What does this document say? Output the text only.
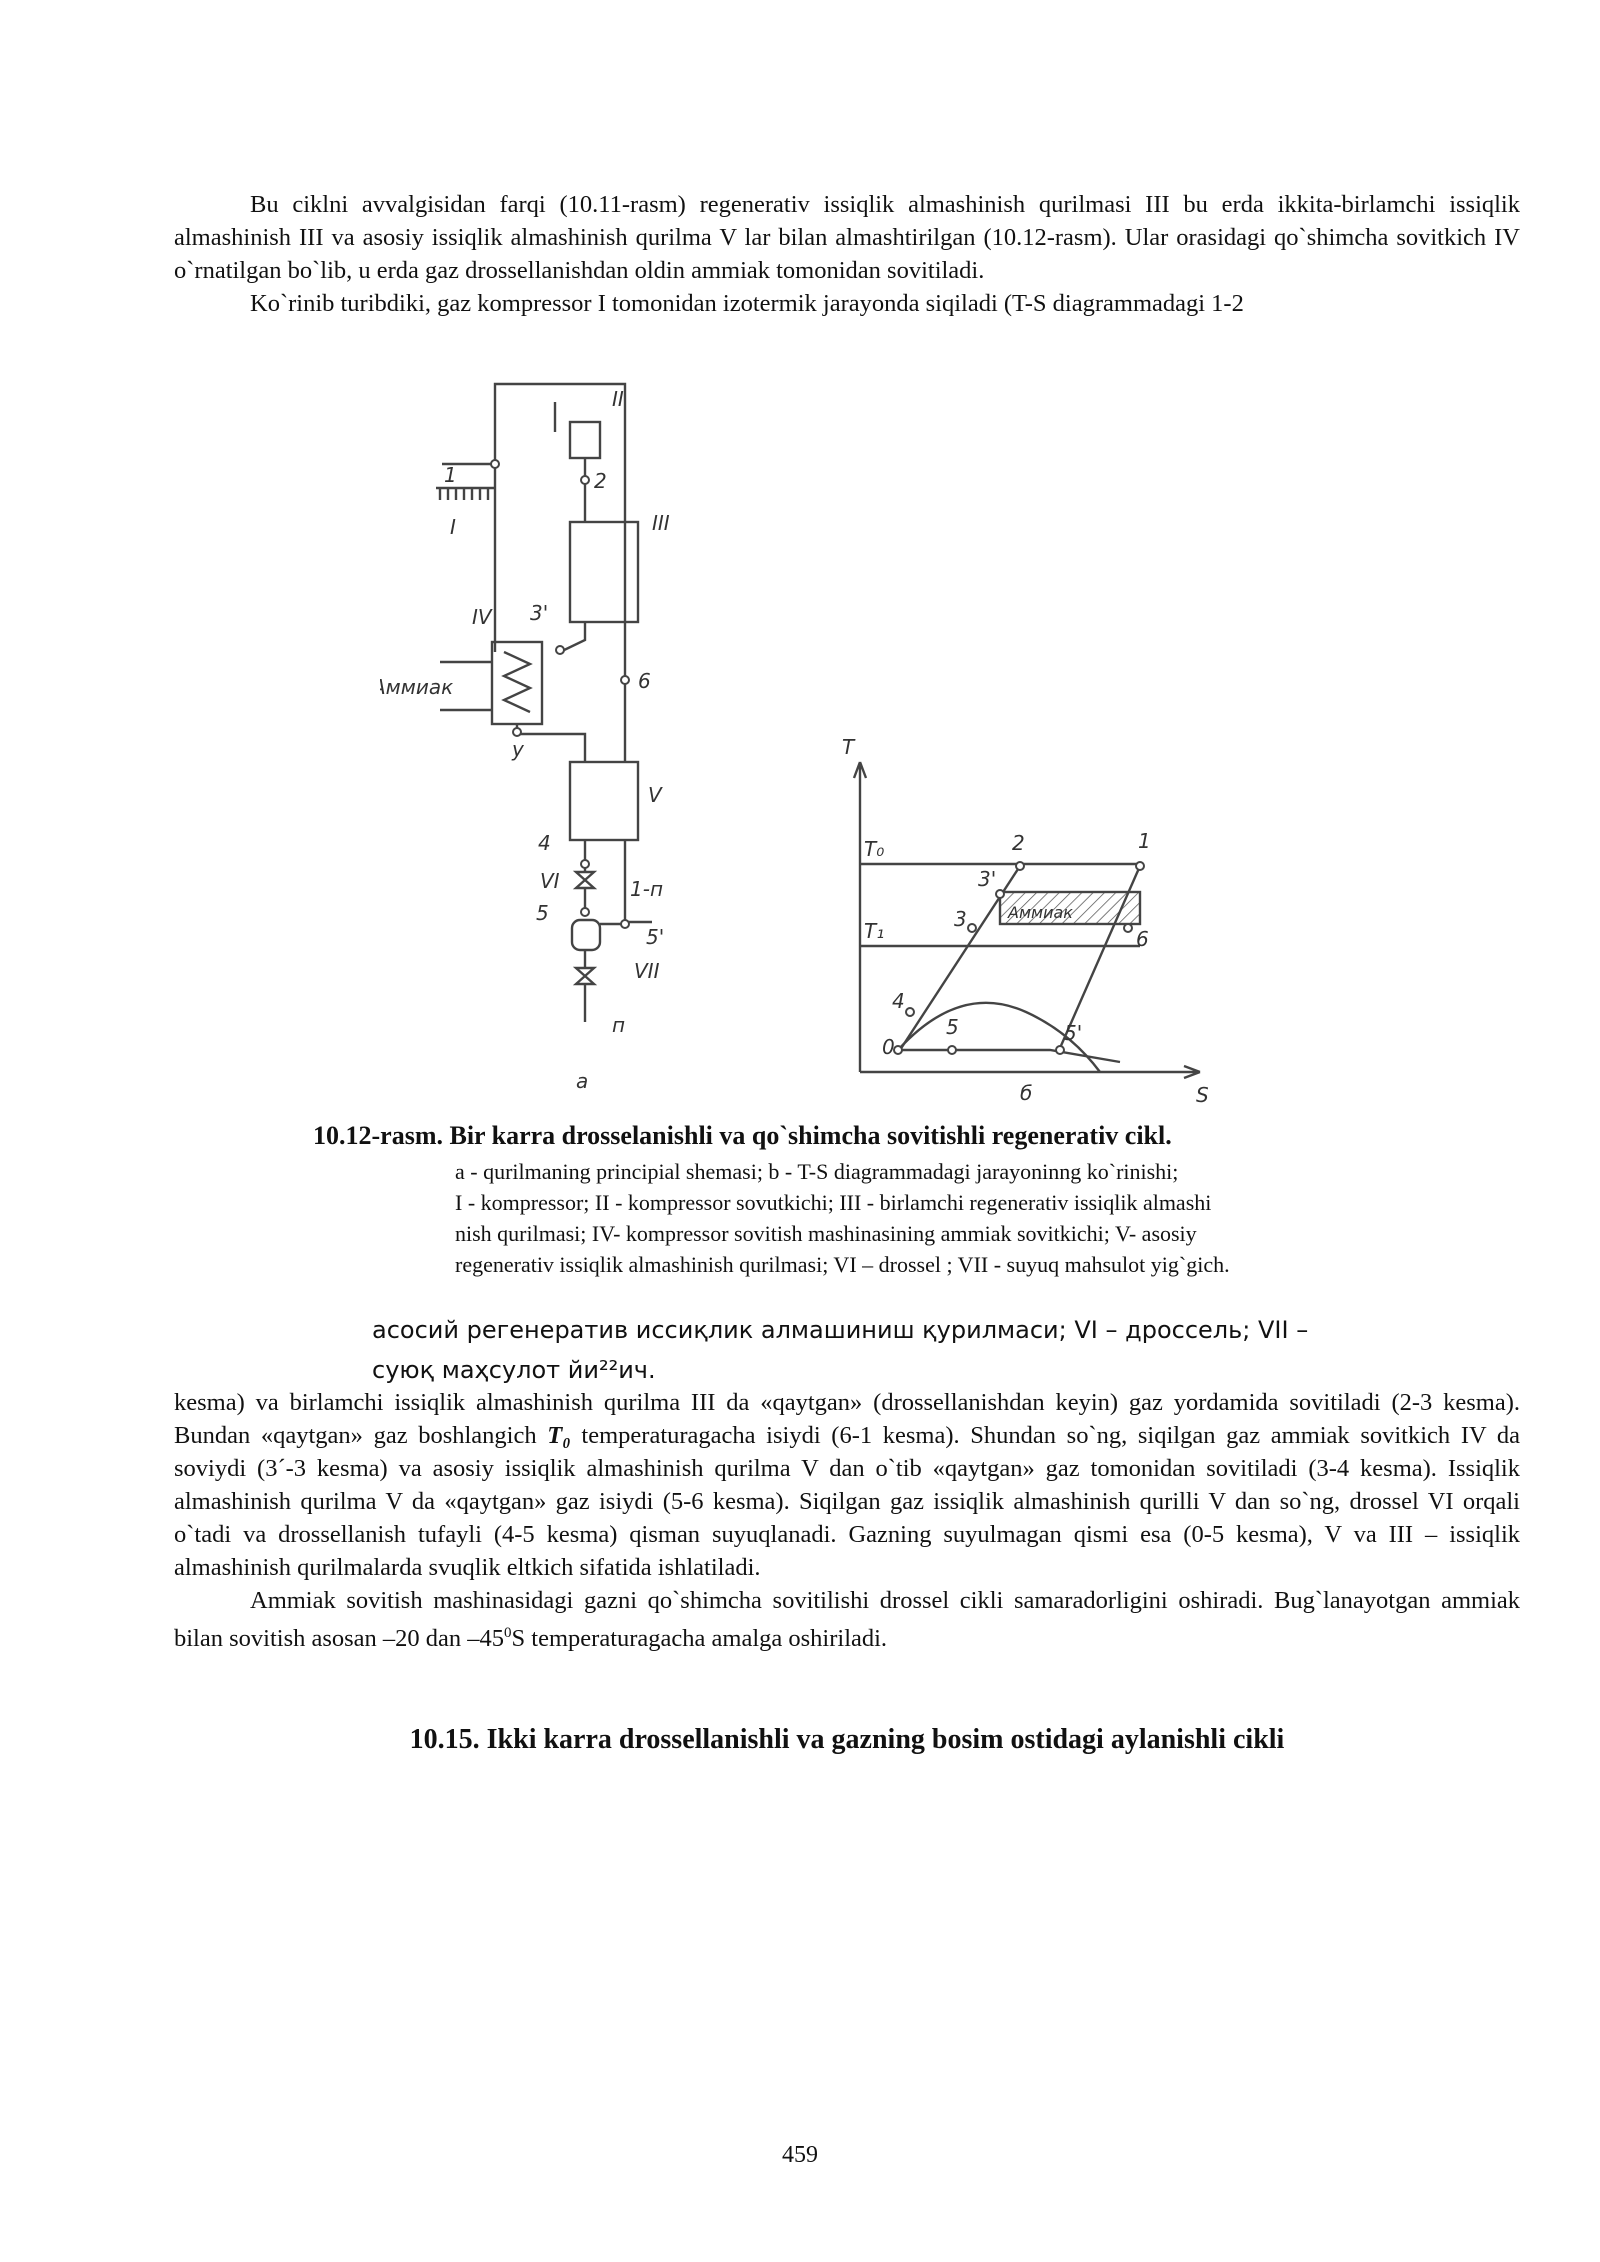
Bu ciklni avvalgisidan farqi (10.11-rasm) regenerativ issiqlik almashinish qurilmasi III bu erda ikkita-birlamchi issiqlik almashinish III va asosiy issiqlik almashinish qurilma V lar bilan almashtirilgan (10.12-rasm). Ular orasidagi qo`shimcha sovitkich IV o`rnatilgan bo`lib, u erda gaz drossellanishdan oldin ammiak tomonidan sovitiladi.

Ko`rinib turibdiki, gaz kompressor I tomonidan izotermik jarayonda siqiladi (T-S diagrammadagi 1-2

II
2
1
I	III
3'
IV
Аммиак	6
у
V
4
VI	1-п
5
5'
VII
п
а
T
S
T₀
T₁
2	1
3'
3	Аммиак
6
4
0
5	5'
б
10.12-rasm. Bir karra drosselanishli va qo`shimcha sovitishli regenerativ cikl.

a - qurilmaning principial shemasi; b - T-S diagrammadagi jarayoninng ko`rinishi;

I - kompressor; II - kompressor sovutkichi; III - birlamchi regenerativ issiqlik almashi

nish qurilmasi; IV- kompressor sovitish mashinasining ammiak sovitkichi; V- asosiy

regenerativ issiqlik almashinish qurilmasi; VI – drossel ; VII - suyuq mahsulot yig`gich.

асосий регенератив иссиқлик алмашиниш қурилмаси; VI – дроссель; VII –

суюқ маҳсулот йи²²ич.

kesma) va birlamchi issiqlik almashinish qurilma III da «qaytgan» (drossellanishdan keyin) gaz yordamida sovitiladi (2-3 kesma). Bundan «qaytgan» gaz boshlangich T₀ temperaturagacha isiydi (6-1 kesma). Shundan so`ng, siqilgan gaz ammiak sovitkich IV da soviydi (3´-3 kesma) va asosiy issiqlik almashinish qurilma V dan o`tib «qaytgan» gaz tomonidan sovitiladi (3-4 kesma). Issiqlik almashinish qurilma V da «qaytgan» gaz isiydi (5-6 kesma). Siqilgan gaz issiqlik almashinish qurilli V dan so`ng, drossel VI orqali o`tadi va drossellanish tufayli (4-5 kesma) qisman suyuqlanadi. Gazning suyulmagan qismi esa (0-5 kesma), V va III – issiqlik almashinish qurilmalarda svuqlik eltkich sifatida ishlatiladi.

Ammiak sovitish mashinasidagi gazni qo`shimcha sovitilishi drossel cikli samaradorligini oshiradi. Bug`lanayotgan ammiak bilan sovitish asosan –20 dan $-45^0S$ temperaturagacha amalga oshiriladi.

10.15. Ikki karra drossellanishli va gazning bosim ostidagi aylanishli cikli
459
